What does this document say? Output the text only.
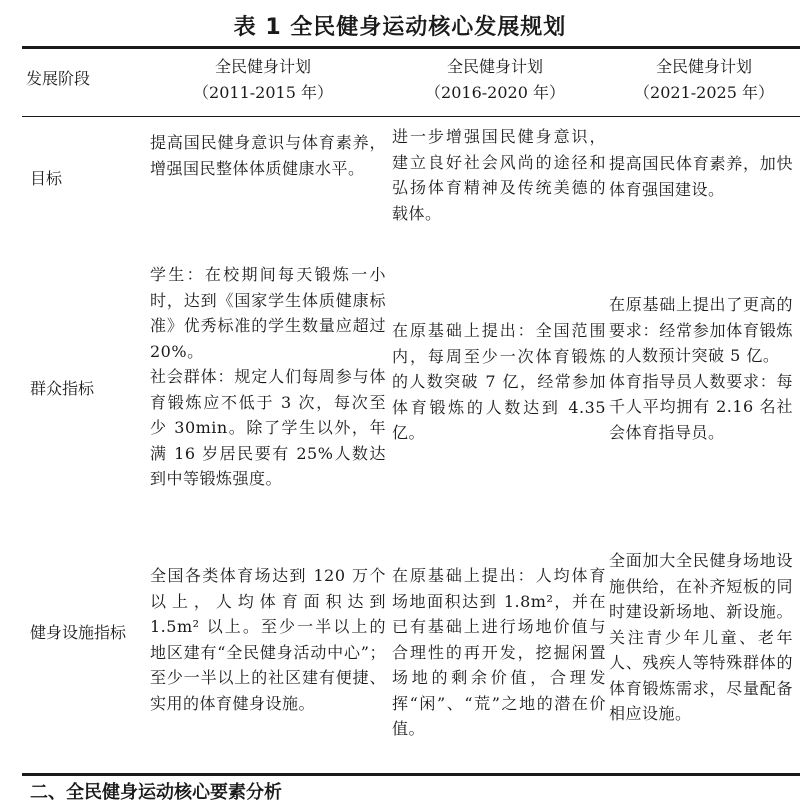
表 1 全民健身运动核心发展规划
发展阶段
全民健身计划
（2011-2015 年）
全民健身计划
（2016-2020 年）
全民健身计划
（2021-2025 年）
目标

提高国民健身意识与体育素养，增强国民整体体质健康水平。

进一步增强国民健身意识，建立良好社会风尚的途径和弘扬体育精神及传统美德的载体。

提高国民体育素养，加快体育强国建设。

群众指标

学生：在校期间每天锻炼一小时，达到《国家学生体质健康标准》优秀标准的学生数量应超过 20%。

社会群体：规定人们每周参与体育锻炼应不低于 3 次，每次至少 30min。除了学生以外，年满 16 岁居民要有 25%人数达到中等锻炼强度。

在原基础上提出：全国范围内，每周至少一次体育锻炼的人数突破 7 亿，经常参加体育锻炼的人数达到 4.35 亿。

在原基础上提出了更高的要求：经常参加体育锻炼的人数预计突破 5 亿。

体育指导员人数要求：每千人平均拥有 2.16 名社会体育指导员。

健身设施指标

全国各类体育场达到 120 万个以上，人均体育面积达到 1.5m² 以上。至少一半以上的地区建有“全民健身活动中心”；至少一半以上的社区建有便捷、实用的体育健身设施。

在原基础上提出：人均体育场地面积达到 1.8m²，并在已有基础上进行场地价值与合理性的再开发，挖掘闲置场地的剩余价值，合理发挥“闲”、“荒”之地的潜在价值。

全面加大全民健身场地设施供给，在补齐短板的同时建设新场地、新设施。关注青少年儿童、老年人、残疾人等特殊群体的体育锻炼需求，尽量配备相应设施。

二、全民健身运动核心要素分析
